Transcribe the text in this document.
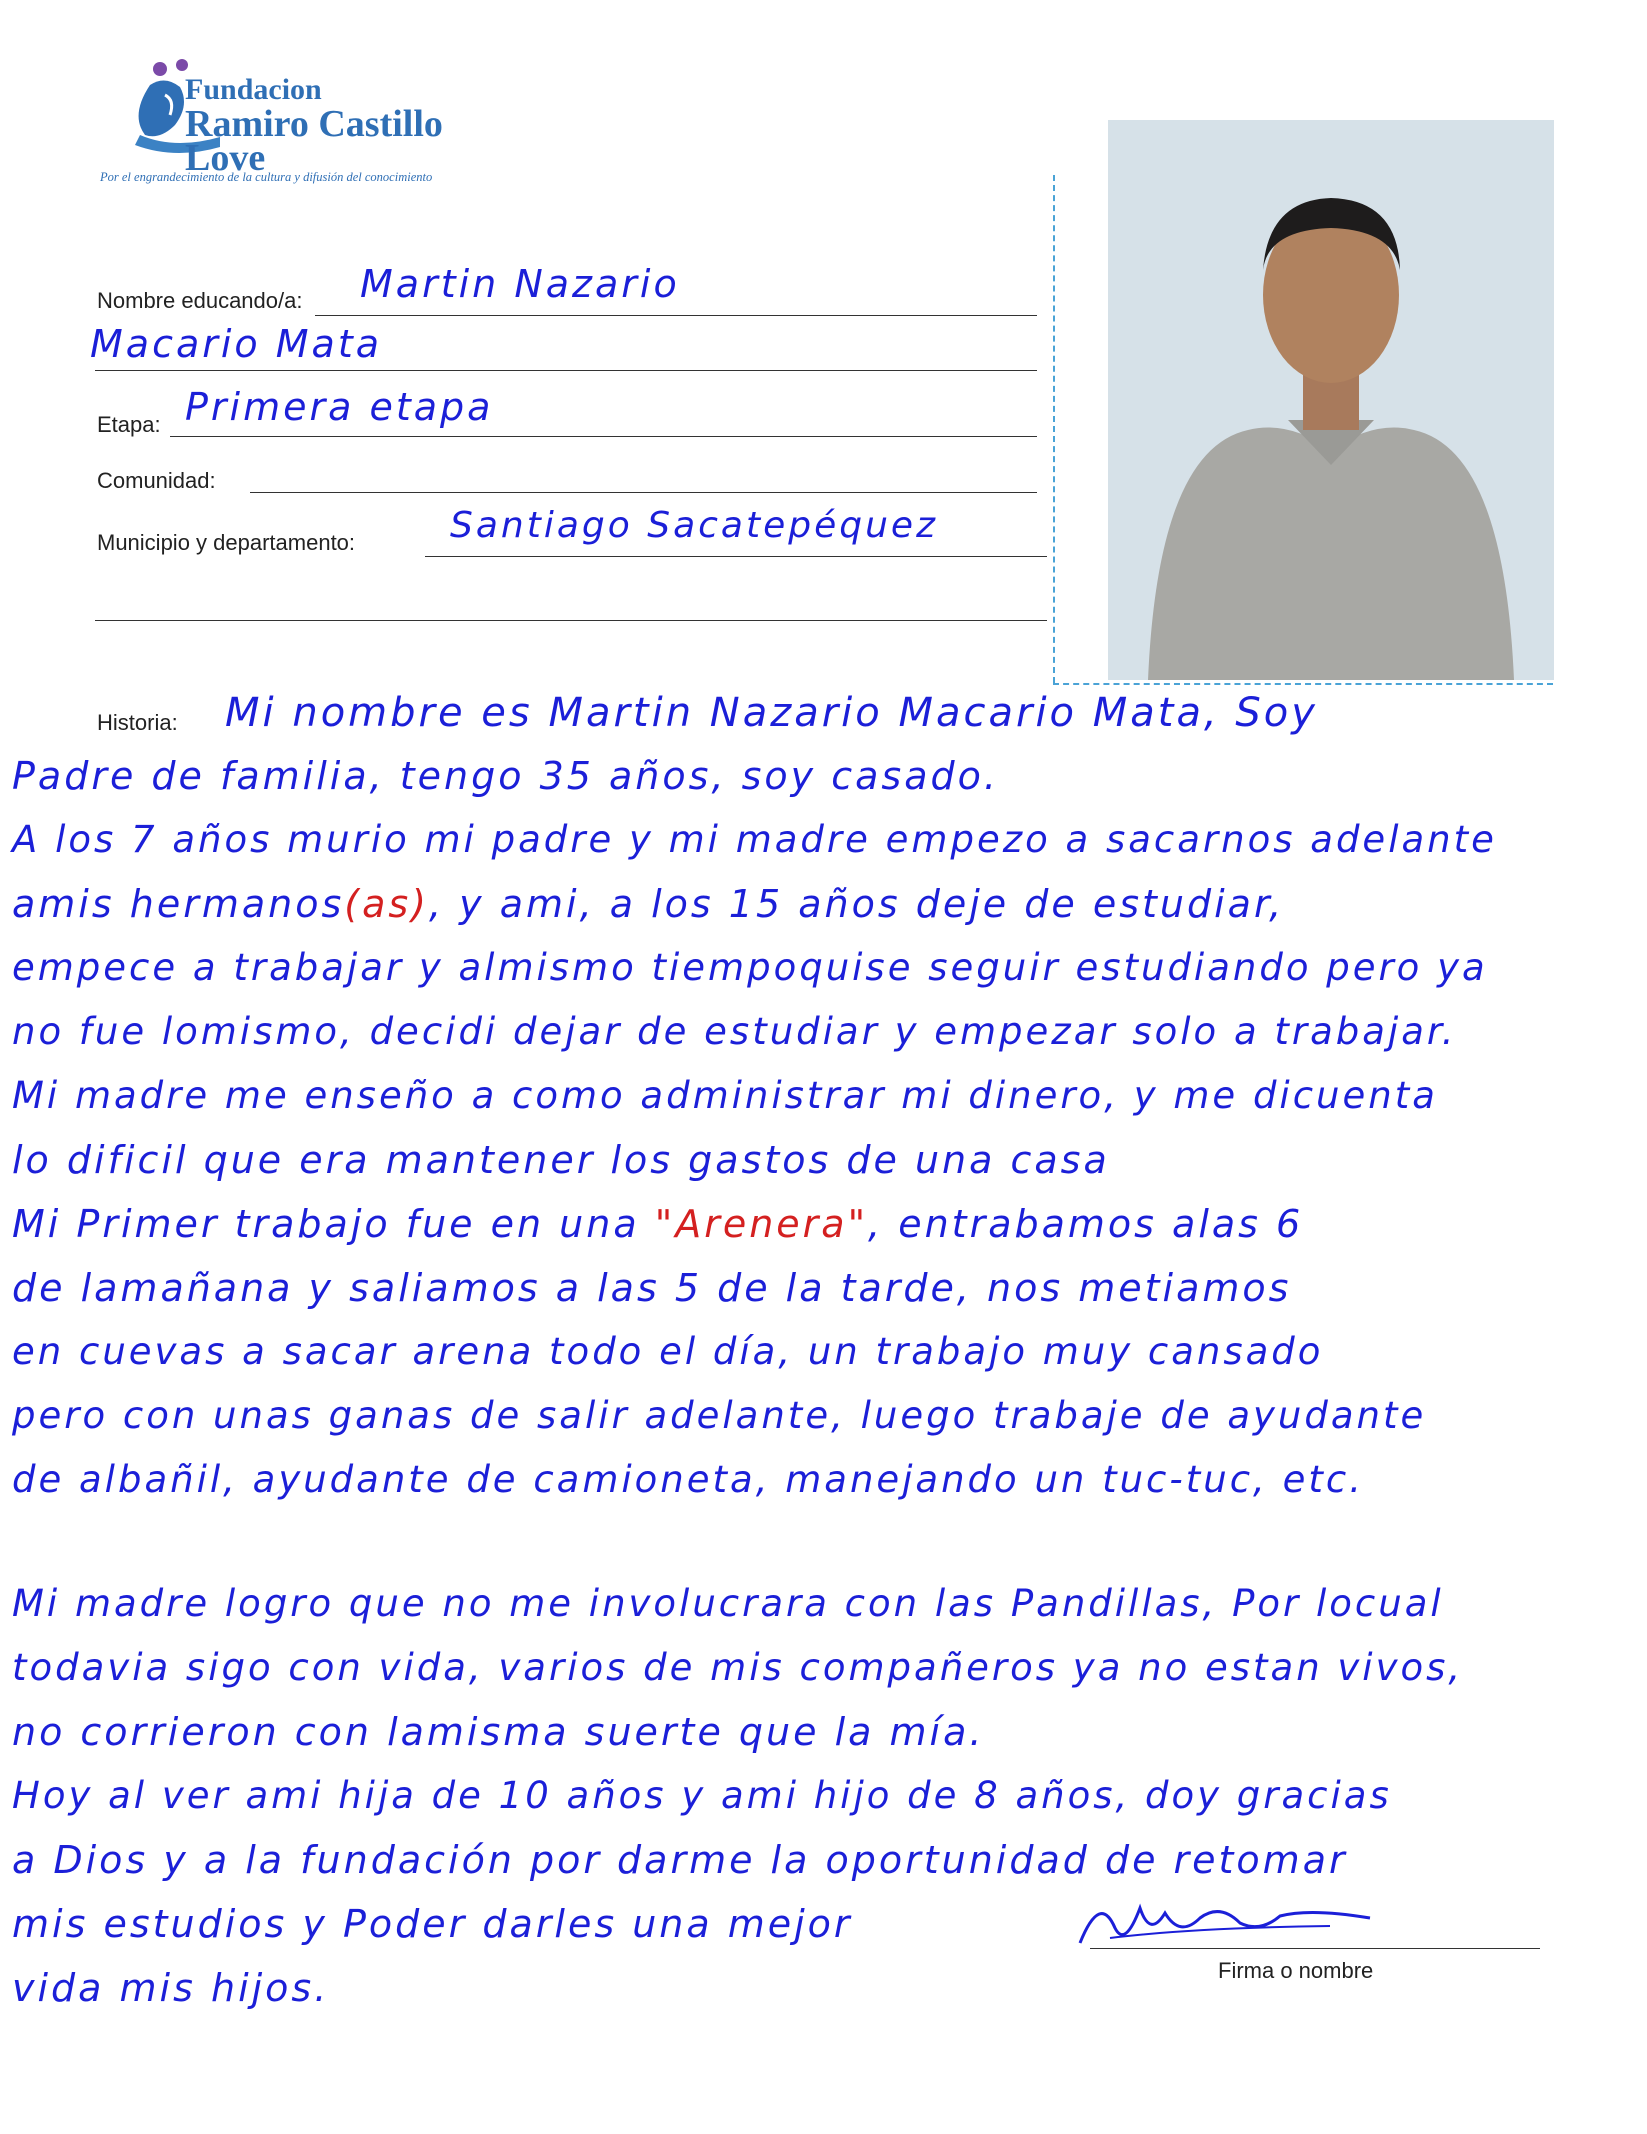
Fundacion
Ramiro Castillo Love
Por el engrandecimiento de la cultura y difusión del conocimiento
Nombre educando/a: Martin Nazario
Macario Mata
Etapa: Primera etapa
Comunidad:
Municipio y departamento:	Santiago Sacatepéquez
Historia: Mi nombre es Martin Nazario Macario Mata, Soy
Padre de familia, tengo 35 años, soy casado.
A los 7 años murio mi padre y mi madre empezo a sacarnos adelante
amis hermanos(as), y ami, a los 15 años deje de estudiar,
empece a trabajar y almismo tiempoquise seguir estudiando pero ya
no fue lomismo, decidi dejar de estudiar y empezar solo a trabajar.
Mi madre me enseño a como administrar mi dinero, y me dicuenta
lo dificil que era mantener los gastos de una casa
Mi Primer trabajo fue en una "Arenera", entrabamos alas 6
de lamañana y saliamos a las 5 de la tarde, nos metiamos
en cuevas a sacar arena todo el día, un trabajo muy cansado
pero con unas ganas de salir adelante, luego trabaje de ayudante
de albañil, ayudante de camioneta, manejando un tuc-tuc, etc.
Mi madre logro que no me involucrara con las Pandillas, Por locual
todavia sigo con vida, varios de mis compañeros ya no estan vivos,
no corrieron con lamisma suerte que la mía.
Hoy al ver ami hija de 10 años y ami hijo de 8 años, doy gracias
a Dios y a la fundación por darme la oportunidad de retomar
mis estudios y Poder darles una mejor
vida mis hijos.	Firma o nombre
